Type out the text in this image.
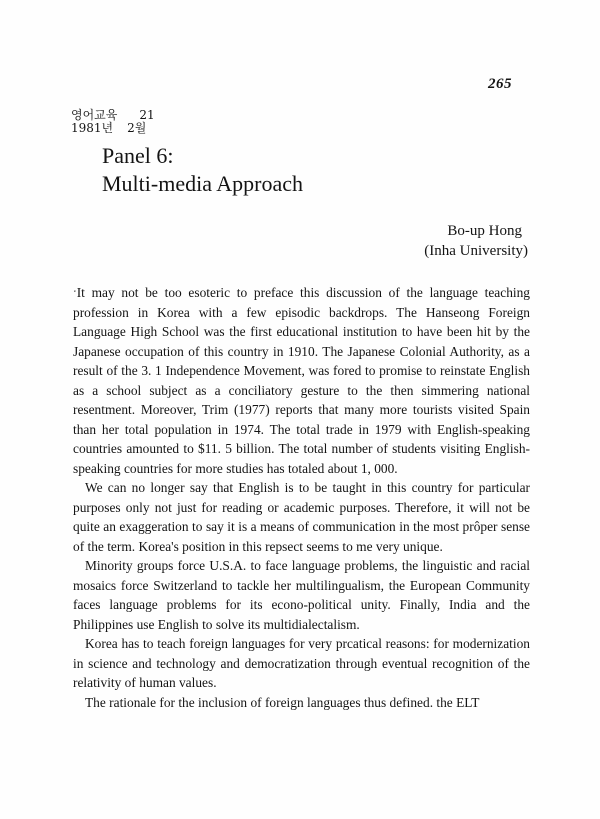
265
영어교육 21
1981년 2월
Panel 6:
Multi-media Approach
Bo-up Hong
(Inha University)

ˑIt may not be too esoteric to preface this discussion of the language teaching profession in Korea with a few episodic backdrops. The Hanseong Foreign Language High School was the first educational institution to have been hit by the Japanese occupation of this country in 1910. The Japanese Colonial Authority, as a result of the 3. 1 Independence Movement, was fored to promise to reinstate English as a school subject as a conciliatory gesture to the then simmering national resentment. Moreover, Trim (1977) reports that many more tourists visited Spain than her total population in 1974. The total trade in 1979 with English-speaking countries amounted to $11. 5 billion. The total number of students visiting English-speaking countries for more studies has totaled about 1, 000.

We can no longer say that English is to be taught in this country for particular purposes only not just for reading or academic purposes. Therefore, it will not be quite an exaggeration to say it is a means of communication in the most prôper sense of the term. Korea's position in this repsect seems to me very unique.

Minority groups force U.S.A. to face language problems, the linguistic and racial mosaics force Switzerland to tackle her multilingualism, the European Community faces language problems for its econo-political unity. Finally, India and the Philippines use English to solve its multidialectalism.

Korea has to teach foreign languages for very prcatical reasons: for modernization in science and technology and democratization through eventual recognition of the relativity of human values.

The rationale for the inclusion of foreign languages thus defined. the ELT
